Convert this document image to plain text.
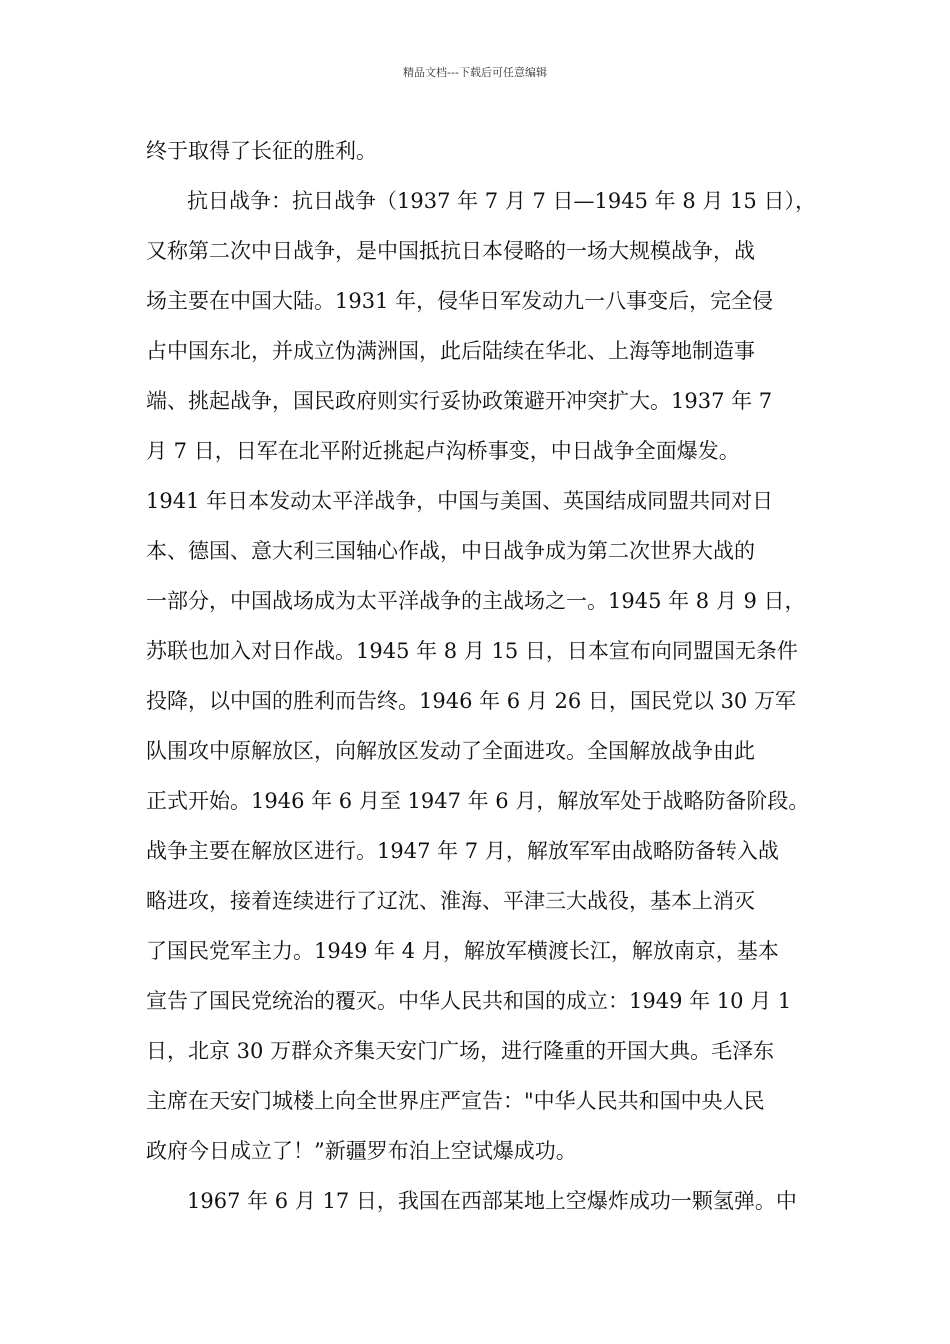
精品文档---下载后可任意编辑
终于取得了长征的胜利。
抗日战争：抗日战争（1937 年 7 月 7 日—1945 年 8 月 15 日），
又称第二次中日战争，是中国抵抗日本侵略的一场大规模战争，战
场主要在中国大陆。1931 年，侵华日军发动九一八事变后，完全侵
占中国东北，并成立伪满洲国，此后陆续在华北、上海等地制造事
端、挑起战争，国民政府则实行妥协政策避开冲突扩大。1937 年 7
月 7 日，日军在北平附近挑起卢沟桥事变，中日战争全面爆发。
1941 年日本发动太平洋战争，中国与美国、英国结成同盟共同对日
本、德国、意大利三国轴心作战，中日战争成为第二次世界大战的
一部分，中国战场成为太平洋战争的主战场之一。1945 年 8 月 9 日，
苏联也加入对日作战。1945 年 8 月 15 日，日本宣布向同盟国无条件
投降，以中国的胜利而告终。1946 年 6 月 26 日，国民党以 30 万军
队围攻中原解放区，向解放区发动了全面进攻。全国解放战争由此
正式开始。1946 年 6 月至 1947 年 6 月，解放军处于战略防备阶段。
战争主要在解放区进行。1947 年 7 月，解放军军由战略防备转入战
略进攻，接着连续进行了辽沈、淮海、平津三大战役，基本上消灭
了国民党军主力。1949 年 4 月，解放军横渡长江，解放南京，基本
宣告了国民党统治的覆灭。中华人民共和国的成立：1949 年 10 月 1
日，北京 30 万群众齐集天安门广场，进行隆重的开国大典。毛泽东
主席在天安门城楼上向全世界庄严宣告："中华人民共和国中央人民
政府今日成立了！”新疆罗布泊上空试爆成功。
1967 年 6 月 17 日，我国在西部某地上空爆炸成功一颗氢弹。中
